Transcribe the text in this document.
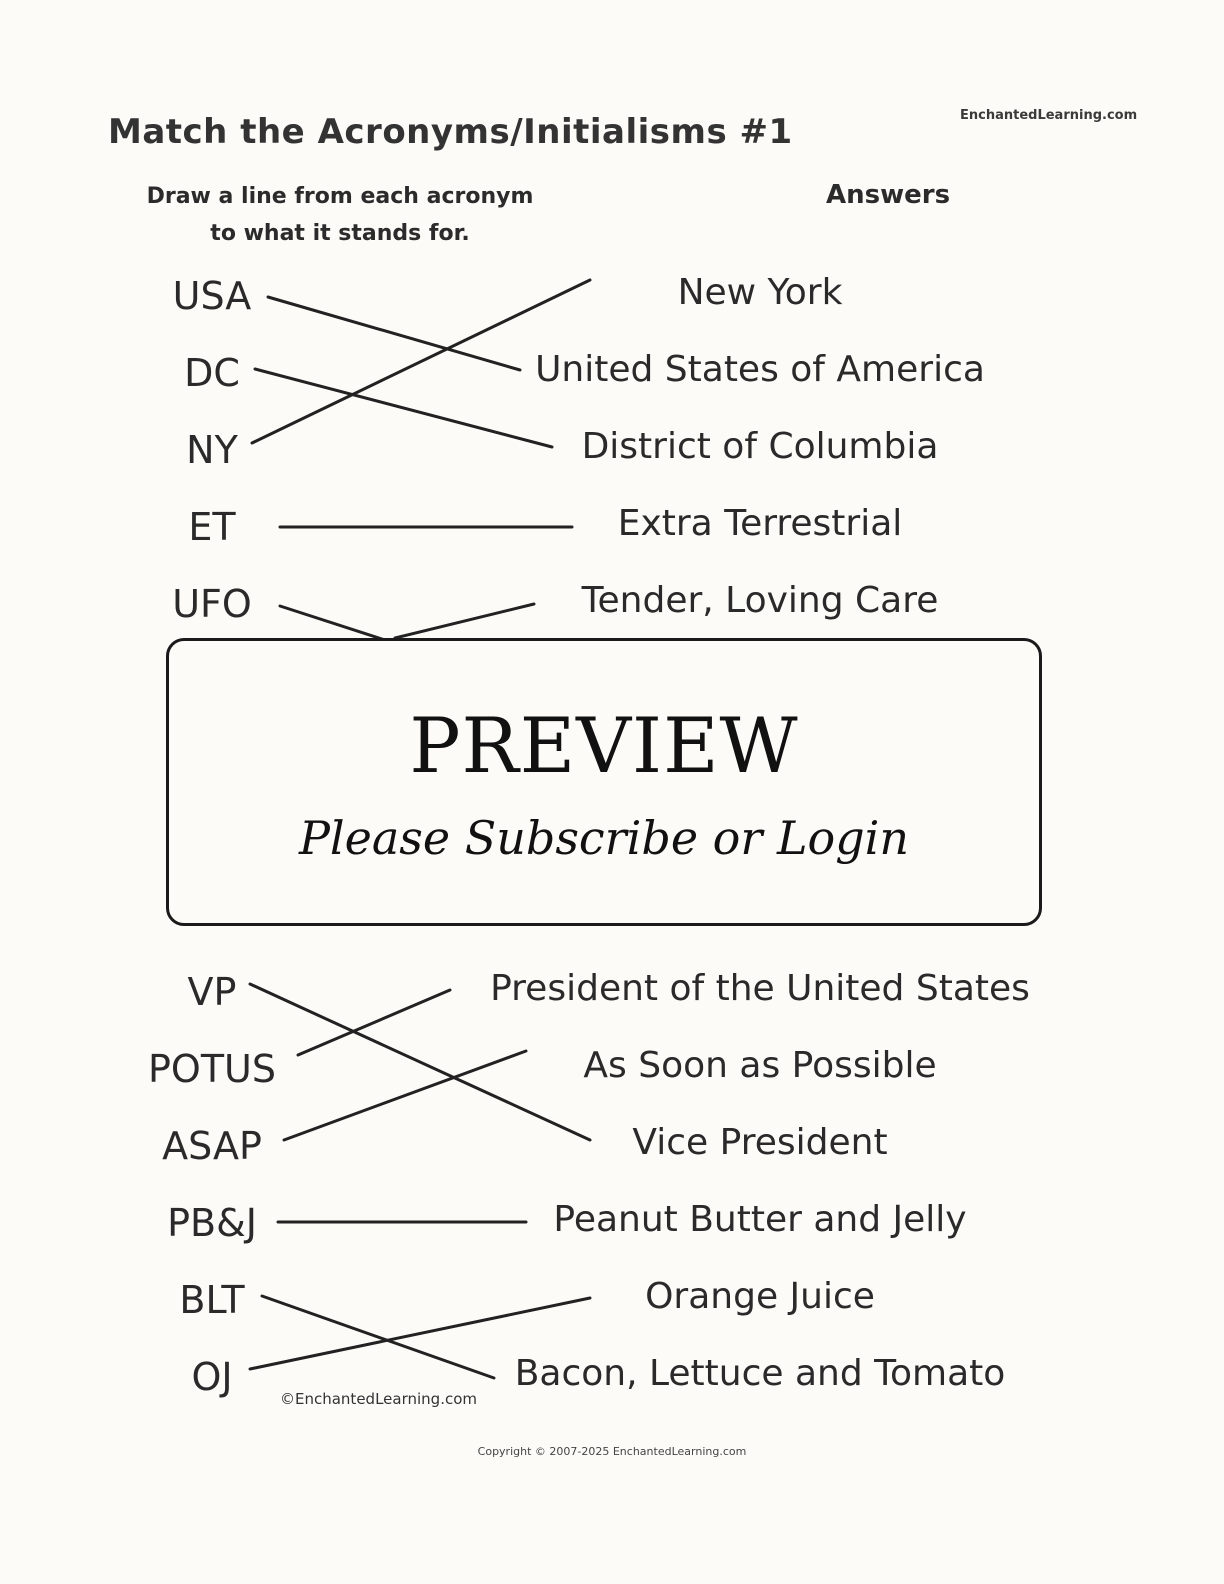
EnchantedLearning.com
Match the Acronyms/Initialisms #1
Draw a line from each acronym
to what it stands for.
Answers
USA
DC
NY
ET
UFO
New York
United States of America
District of Columbia
Extra Terrestrial
Tender, Loving Care
VP
POTUS
ASAP
PB&J
BLT
OJ
President of the United States
As Soon as Possible
Vice President
Peanut Butter and Jelly
Orange Juice
Bacon, Lettuce and Tomato
©EnchantedLearning.com
PREVIEW
Please Subscribe or Login
Copyright © 2007-2025 EnchantedLearning.com
